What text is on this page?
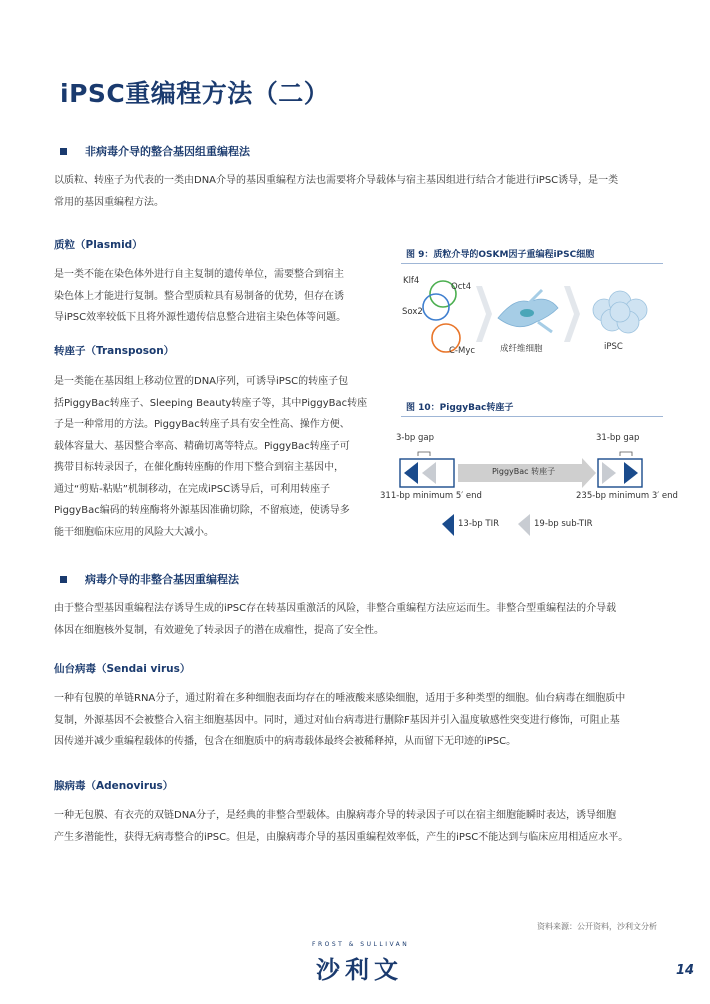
iPSC重编程方法（二）
非病毒介导的整合基因组重编程法
以质粒、转座子为代表的一类由DNA介导的基因重编程方法也需要将介导载体与宿主基因组进行结合才能进行iPSC诱导，是一类
常用的基因重编程方法。
质粒（Plasmid）
是一类不能在染色体外进行自主复制的遗传单位，需要整合到宿主
染色体上才能进行复制。整合型质粒具有易制备的优势，但存在诱
导iPSC效率较低下且将外源性遗传信息整合进宿主染色体等问题。
转座子（Transposon）
是一类能在基因组上移动位置的DNA序列，可诱导iPSC的转座子包
括PiggyBac转座子、Sleeping Beauty转座子等，其中PiggyBac转座
子是一种常用的方法。PiggyBac转座子具有安全性高、操作方便、
载体容量大、基因整合率高、精确切离等特点。PiggyBac转座子可
携带目标转录因子，在催化酶转座酶的作用下整合到宿主基因中，
通过“剪贴-粘贴”机制移动，在完成iPSC诱导后，可利用转座子
PiggyBac编码的转座酶将外源基因准确切除，不留痕迹，使诱导多
能干细胞临床应用的风险大大减小。
图 9：质粒介导的OSKM因子重编程iPSC细胞
Klf4
Oct4
Sox2
C-Myc	成纤维细胞	iPSC
图 10：PiggyBac转座子
3-bp gap	31-bp gap
PiggyBac 转座子
311-bp minimum 5′ end	235-bp minimum 3′ end
13-bp TIR	19-bp sub-TIR
病毒介导的非整合基因重编程法
由于整合型基因重编程法存诱导生成的iPSC存在转基因重激活的风险，非整合重编程方法应运而生。非整合型重编程法的介导载
体因在细胞核外复制，有效避免了转录因子的潜在成瘤性，提高了安全性。
仙台病毒（Sendai virus）
一种有包膜的单链RNA分子，通过附着在多种细胞表面均存在的唾液酸来感染细胞，适用于多种类型的细胞。仙台病毒在细胞质中
复制，外源基因不会被整合入宿主细胞基因中。同时，通过对仙台病毒进行删除F基因并引入温度敏感性突变进行修饰，可阻止基
因传递并减少重编程载体的传播，包含在细胞质中的病毒载体最终会被稀释掉，从而留下无印迹的iPSC。
腺病毒（Adenovirus）
一种无包膜、有衣壳的双链DNA分子，是经典的非整合型载体。由腺病毒介导的转录因子可以在宿主细胞能瞬时表达，诱导细胞
产生多潜能性，获得无病毒整合的iPSC。但是，由腺病毒介导的基因重编程效率低，产生的iPSC不能达到与临床应用相适应水平。
资料来源：公开资料，沙利文分析
FROST & SULLIVAN
沙利文	14
